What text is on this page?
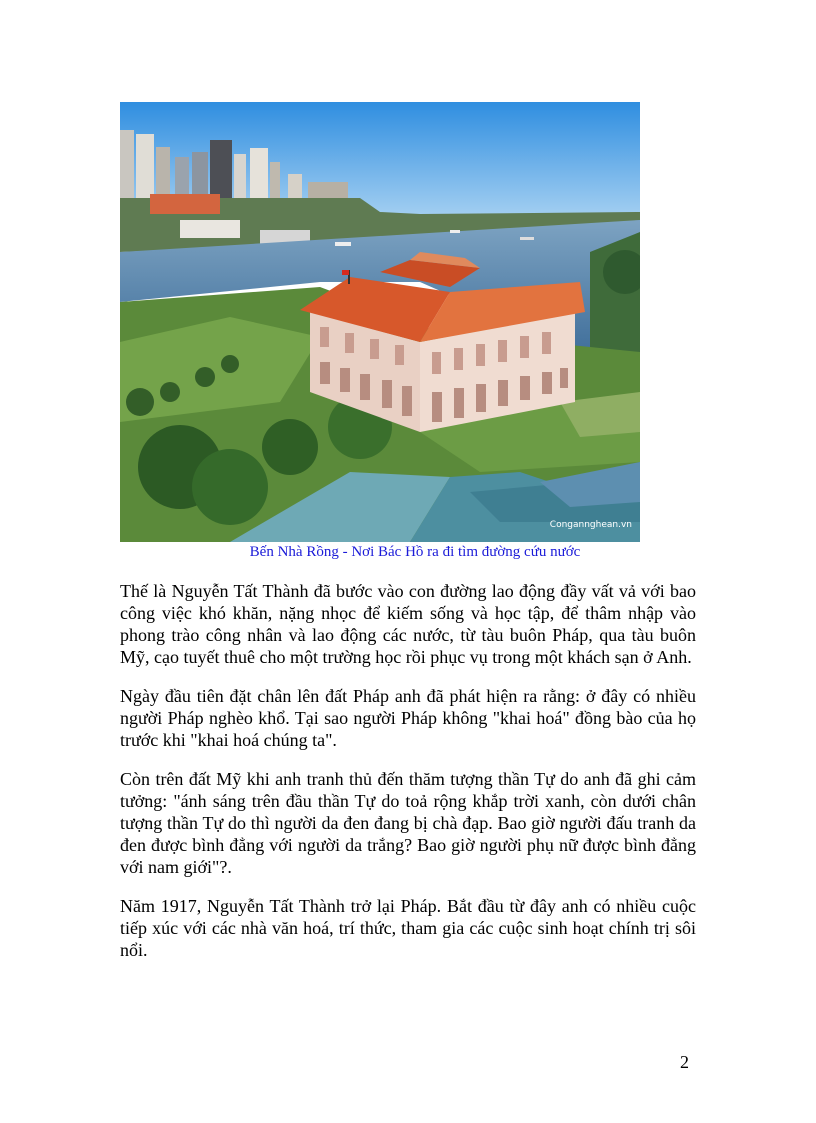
Congannghean.vn
Bến Nhà Rồng - Nơi Bác Hồ ra đi tìm đường cứu nước

Thế là Nguyễn Tất Thành đã bước vào con đường lao động đầy vất vả với bao công việc khó khăn, nặng nhọc để kiếm sống và học tập, để thâm nhập vào phong trào công nhân và lao động các nước, từ tàu buôn Pháp, qua tàu buôn Mỹ, cạo tuyết thuê cho một trường học rồi phục vụ trong một khách sạn ở Anh.

Ngày đầu tiên đặt chân lên đất Pháp anh đã phát hiện ra rằng: ở đây có nhiều người Pháp nghèo khổ. Tại sao người Pháp không "khai hoá" đồng bào của họ trước khi "khai hoá chúng ta".

Còn trên đất Mỹ khi anh tranh thủ đến thăm tượng thần Tự do anh đã ghi cảm tưởng: "ánh sáng trên đầu thần Tự do toả rộng khắp trời xanh, còn dưới chân tượng thần Tự do thì người da đen đang bị chà đạp. Bao giờ người đấu tranh da đen được bình đẳng với người da trắng? Bao giờ người phụ nữ được bình đẳng với nam giới"?.

Năm 1917, Nguyễn Tất Thành trở lại Pháp. Bắt đầu từ đây anh có nhiều cuộc tiếp xúc với các nhà văn hoá, trí thức, tham gia các cuộc sinh hoạt chính trị sôi nổi.

2
